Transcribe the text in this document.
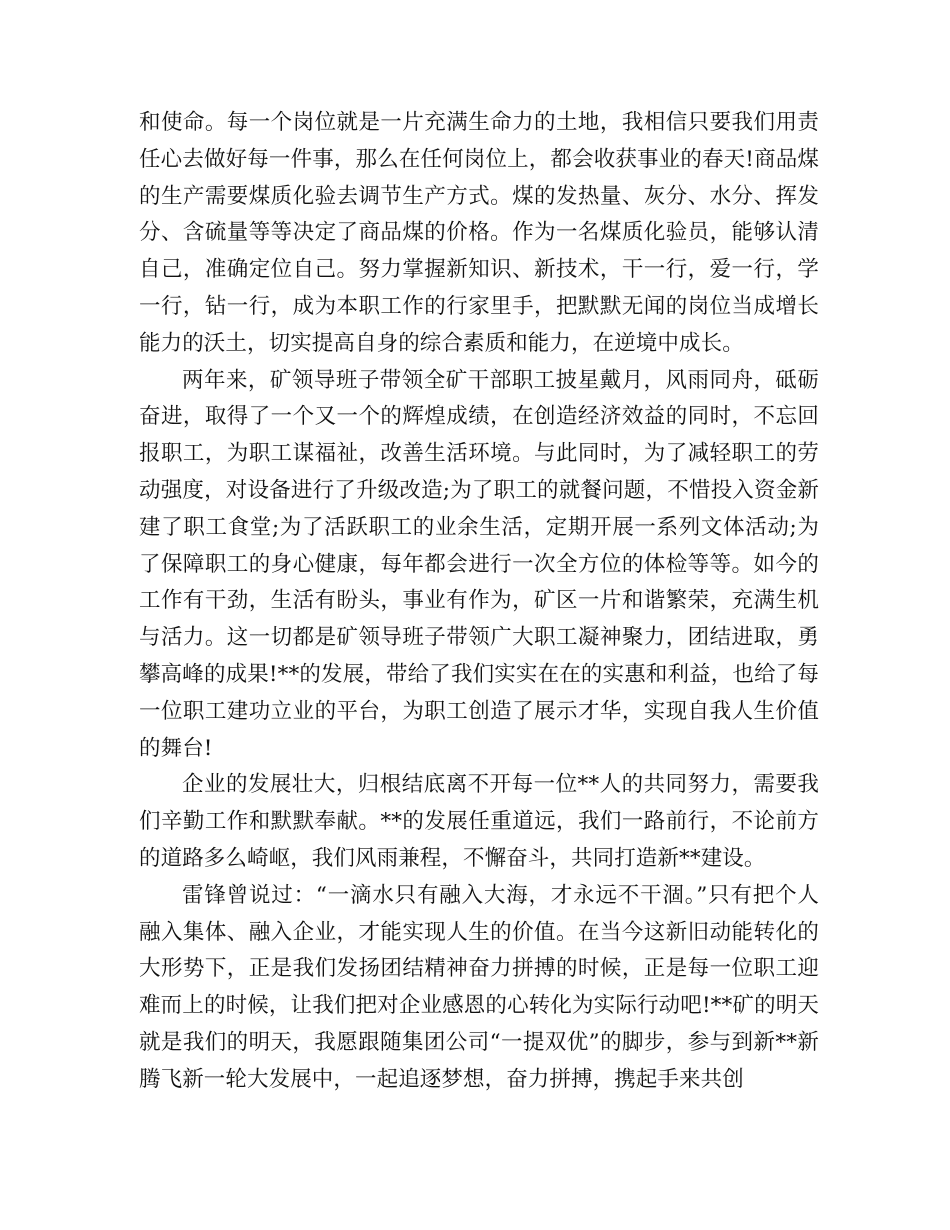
和使命。每一个岗位就是一片充满生命力的土地，我相信只要我们用责任心去做好每一件事，那么在任何岗位上，都会收获事业的春天!商品煤的生产需要煤质化验去调节生产方式。煤的发热量、灰分、水分、挥发分、含硫量等等决定了商品煤的价格。作为一名煤质化验员，能够认清自己，准确定位自己。努力掌握新知识、新技术，干一行，爱一行，学一行，钻一行，成为本职工作的行家里手，把默默无闻的岗位当成增长能力的沃土，切实提高自身的综合素质和能力，在逆境中成长。

两年来，矿领导班子带领全矿干部职工披星戴月，风雨同舟，砥砺奋进，取得了一个又一个的辉煌成绩，在创造经济效益的同时，不忘回报职工，为职工谋福祉，改善生活环境。与此同时，为了减轻职工的劳动强度，对设备进行了升级改造;为了职工的就餐问题，不惜投入资金新建了职工食堂;为了活跃职工的业余生活，定期开展一系列文体活动;为了保障职工的身心健康，每年都会进行一次全方位的体检等等。如今的工作有干劲，生活有盼头，事业有作为，矿区一片和谐繁荣，充满生机与活力。这一切都是矿领导班子带领广大职工凝神聚力，团结进取，勇攀高峰的成果!**的发展，带给了我们实实在在的实惠和利益，也给了每一位职工建功立业的平台，为职工创造了展示才华，实现自我人生价值的舞台!

企业的发展壮大，归根结底离不开每一位**人的共同努力，需要我们辛勤工作和默默奉献。**的发展任重道远，我们一路前行，不论前方的道路多么崎岖，我们风雨兼程，不懈奋斗，共同打造新**建设。

雷锋曾说过：“一滴水只有融入大海，才永远不干涸。”只有把个人融入集体、融入企业，才能实现人生的价值。在当今这新旧动能转化的大形势下，正是我们发扬团结精神奋力拼搏的时候，正是每一位职工迎难而上的时候，让我们把对企业感恩的心转化为实际行动吧!**矿的明天就是我们的明天，我愿跟随集团公司“一提双优”的脚步，参与到新**新腾飞新一轮大发展中，一起追逐梦想，奋力拼搏，携起手来共创
